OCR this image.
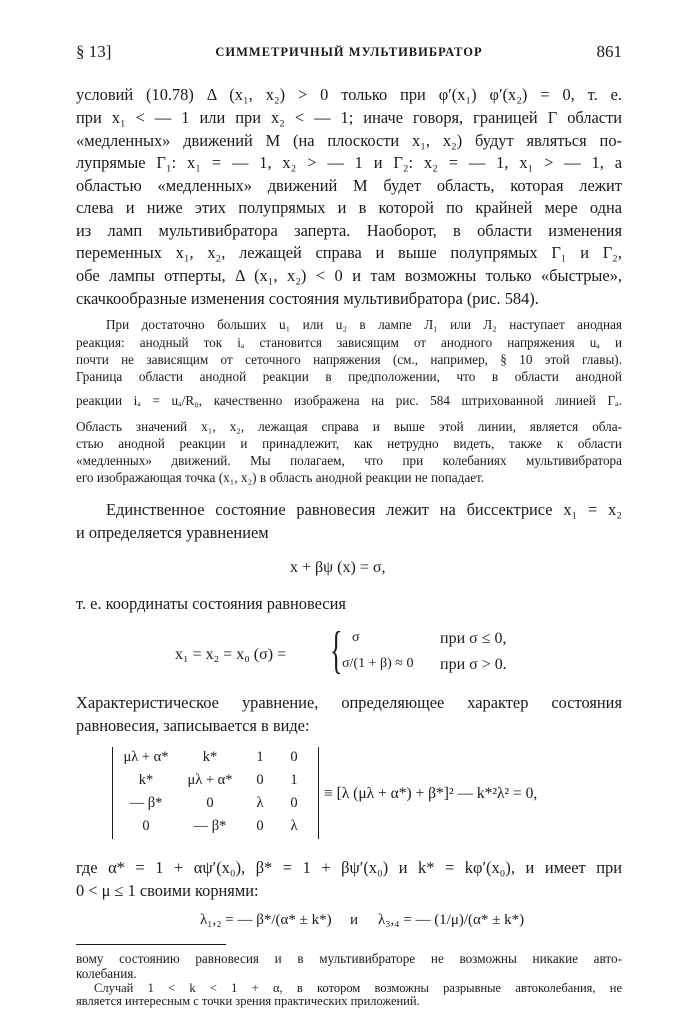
§ 13]	СИММЕТРИЧНЫЙ МУЛЬТИВИБРАТОР	861
условий (10.78) Δ (x₁, x₂) > 0 только при φ′(x₁) φ′(x₂) = 0, т. е.
при x₁ < — 1 или при x₂ < — 1; иначе говоря, границей Γ области
«медленных» движений M (на плоскости x₁, x₂) будут являться по-
лупрямые Γ₁: x₁ = — 1, x₂ > — 1 и Γ₂: x₂ = — 1, x₁ > — 1, а
областью «медленных» движений M будет область, которая лежит
слева и ниже этих полупрямых и в которой по крайней мере одна
из ламп мультивибратора заперта. Наоборот, в области изменения
переменных x₁, x₂, лежащей справа и выше полупрямых Γ₁ и Γ₂,
обе лампы отперты, Δ (x₁, x₂) < 0 и там возможны только «быстрые»,
скачкообразные изменения состояния мультивибратора (рис. 584).
При достаточно больших u₁ или u₂ в лампе Л₁ или Л₂ наступает анодная
реакция: анодный ток iₐ становится зависящим от анодного напряжения uₐ и
почти не зависящим от сеточного напряжения (см., например, § 10 этой главы).
Граница области анодной реакции в предположении, что в области анодной
реакции iₐ = uₐ/R₀, качественно изображена на рис. 584 штрихованной линией Γₐ.
Область значений x₁, x₂, лежащая справа и выше этой линии, является обла-
стью анодной реакции и принадлежит, как нетрудно видеть, также к области
«медленных» движений. Мы полагаем, что при колебаниях мультивибратора
его изображающая точка (x₁, x₂) в область анодной реакции не попадает.
Единственное состояние равновесия лежит на биссектрисе x₁ = x₂
и определяется уравнением
x + βψ (x) = σ,
т. е. координаты состояния равновесия
x₁ = x₂ = x₀ (σ) = { σ	при σ ≤ 0,
σ/(1 + β) ≈ 0 при σ > 0.
Характеристическое уравнение, определяющее характер состояния
равновесия, записывается в виде:
μλ + α*	k*	1	0
k*	μλ + α*	0	1
— β*	0	λ	0
0	— β*	0	λ
≡ [λ (μλ + α*) + β*]² — k*²λ² = 0,
где α* = 1 + αψ′(x₀), β* = 1 + βψ′(x₀) и k* = kφ′(x₀), и имеет при
0 < μ ≤ 1 своими корнями:
λ₁,₂ = — β*/(α* ± k*) и λ₃,₄ = — (1/μ)/(α* ± k*)
вому состоянию равновесия и в мультивибраторе не возможны никакие авто-
колебания.
Случай 1 < k < 1 + α, в котором возможны разрывные автоколебания, не
является интересным с точки зрения практических приложений.
